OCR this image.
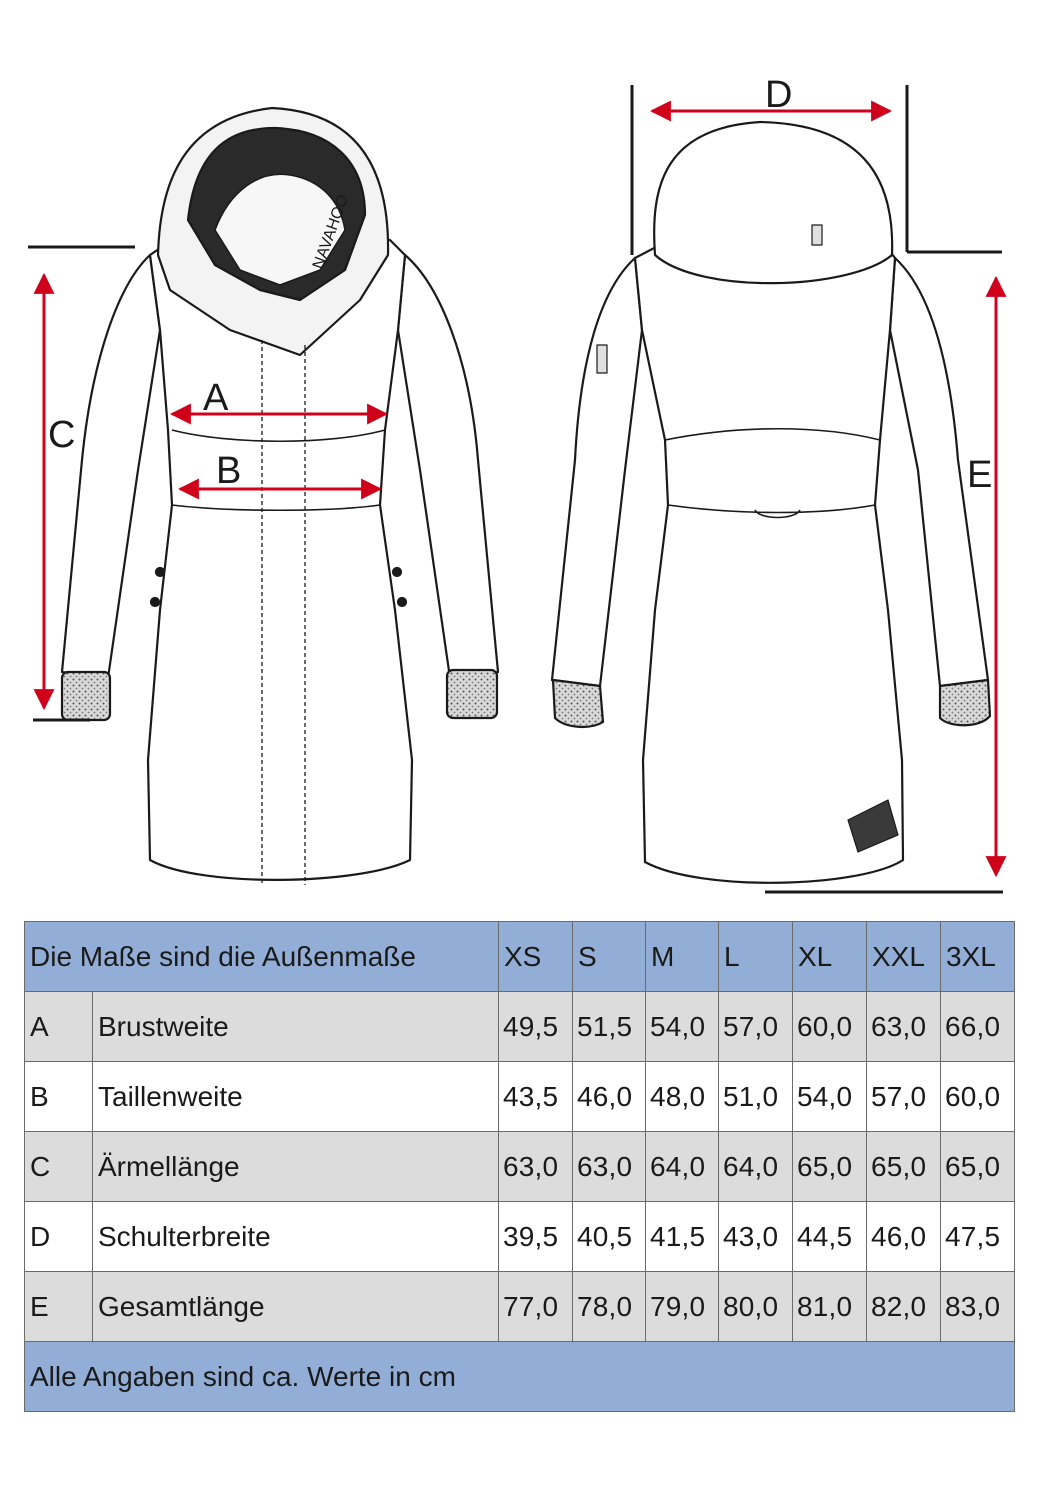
NAVAHOO
A
B
C
D
E
Die Maße sind die Außenmaße		XS	S	M	L	XL	XXL	3XL
A	Brustweite	49,5	51,5	54,0	57,0	60,0	63,0	66,0
B	Taillenweite	43,5	46,0	48,0	51,0	54,0	57,0	60,0
C	Ärmellänge	63,0	63,0	64,0	64,0	65,0	65,0	65,0
D	Schulterbreite	39,5	40,5	41,5	43,0	44,5	46,0	47,5
E	Gesamtlänge	77,0	78,0	79,0	80,0	81,0	82,0	83,0
Alle Angaben sind ca. Werte in cm								
